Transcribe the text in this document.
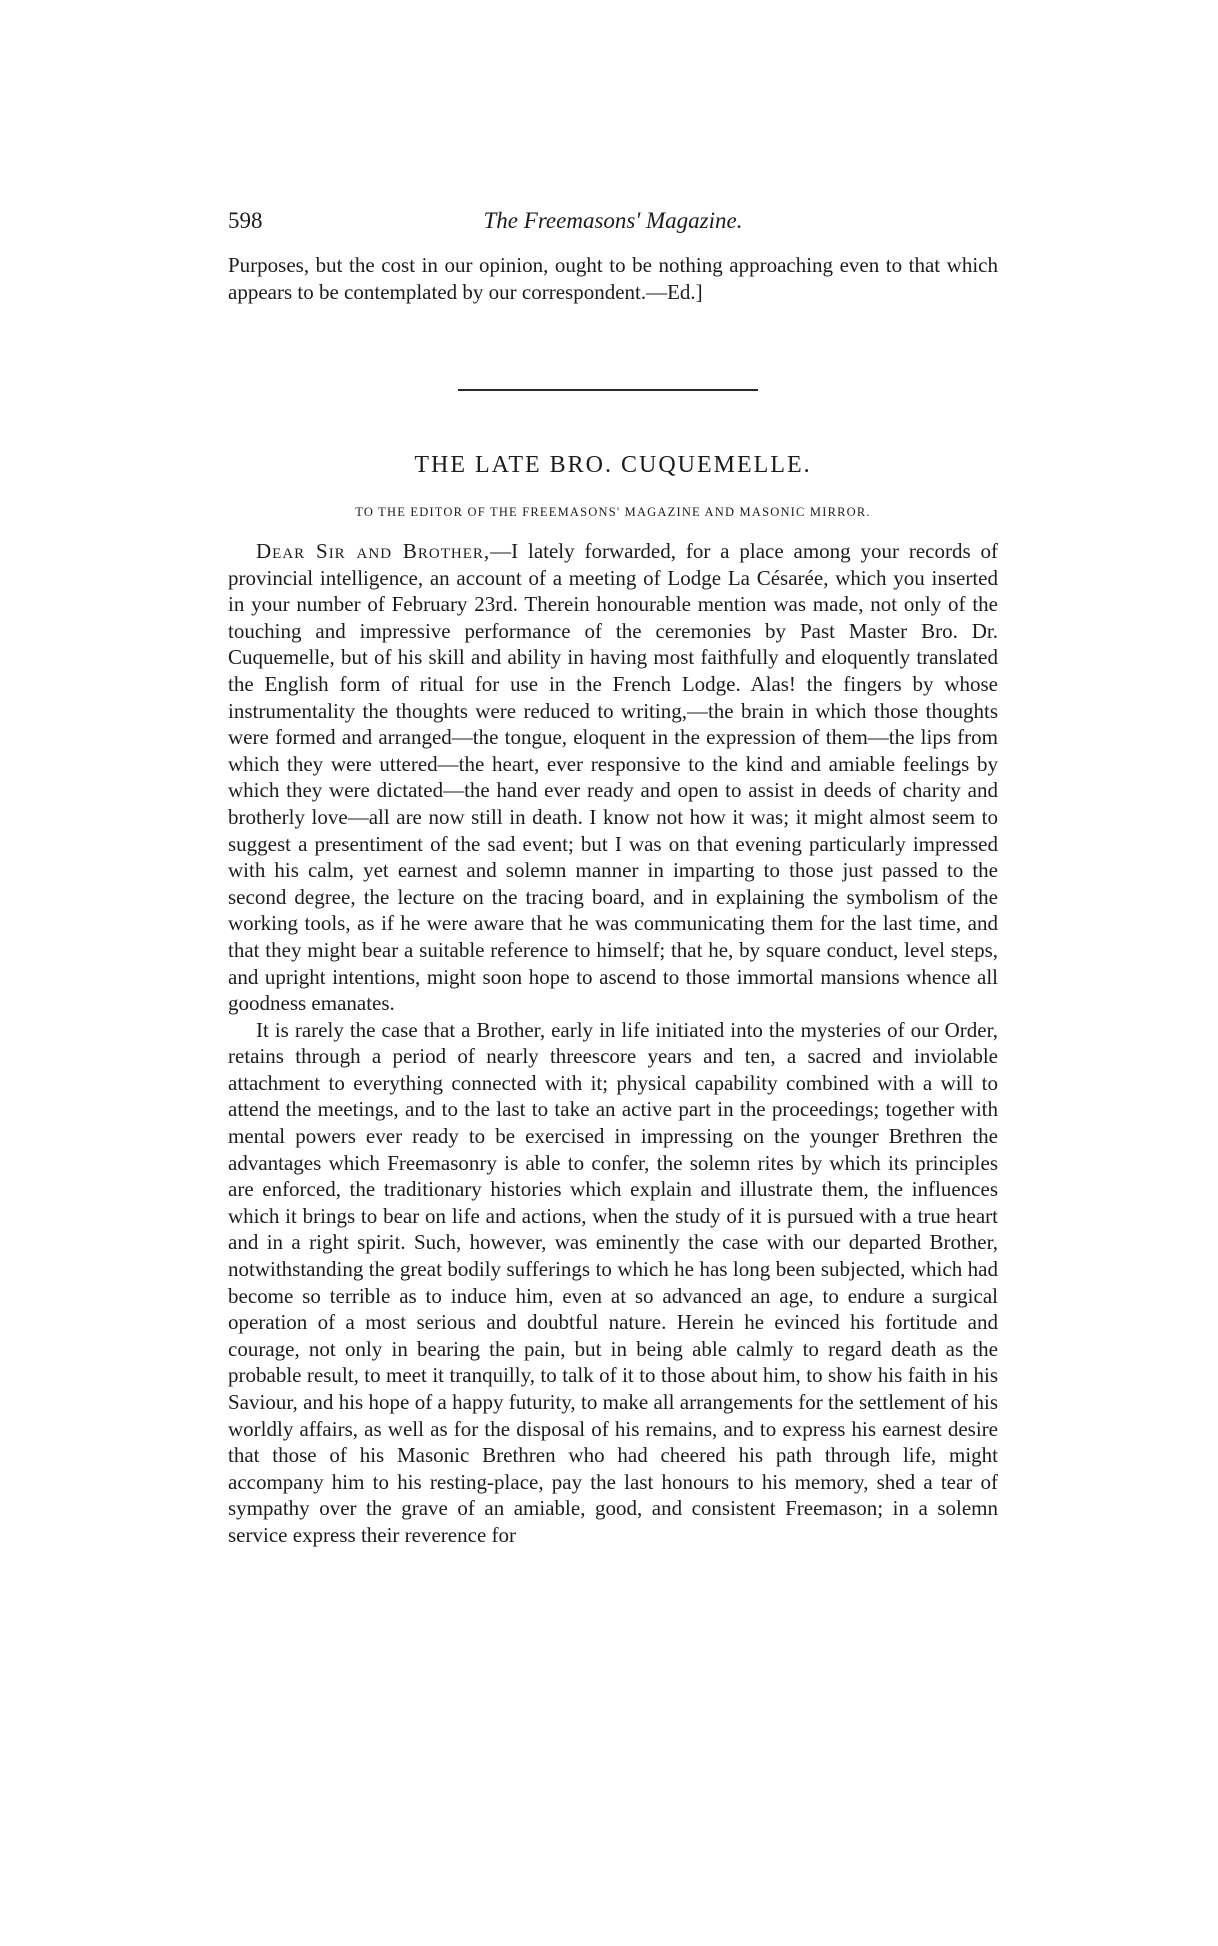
598	The Freemasons' Magazine.

Purposes, but the cost in our opinion, ought to be nothing approaching even to that which appears to be contemplated by our correspondent.—Ed.]

THE LATE BRO. CUQUEMELLE.
TO THE EDITOR OF THE FREEMASONS' MAGAZINE AND MASONIC MIRROR.

Dear Sir and Brother,—I lately forwarded, for a place among your records of provincial intelligence, an account of a meeting of Lodge La Césarée, which you inserted in your number of February 23rd. Therein honourable mention was made, not only of the touching and impressive performance of the ceremonies by Past Master Bro. Dr. Cuquemelle, but of his skill and ability in having most faithfully and eloquently translated the English form of ritual for use in the French Lodge. Alas! the fingers by whose instrumentality the thoughts were reduced to writing,—the brain in which those thoughts were formed and arranged—the tongue, eloquent in the expression of them—the lips from which they were uttered—the heart, ever responsive to the kind and amiable feelings by which they were dictated—the hand ever ready and open to assist in deeds of charity and brotherly love—all are now still in death. I know not how it was; it might almost seem to suggest a presentiment of the sad event; but I was on that evening particularly impressed with his calm, yet earnest and solemn manner in imparting to those just passed to the second degree, the lecture on the tracing board, and in explaining the symbolism of the working tools, as if he were aware that he was communicating them for the last time, and that they might bear a suitable reference to himself; that he, by square conduct, level steps, and upright intentions, might soon hope to ascend to those immortal mansions whence all goodness emanates.

It is rarely the case that a Brother, early in life initiated into the mysteries of our Order, retains through a period of nearly threescore years and ten, a sacred and inviolable attachment to everything connected with it; physical capability combined with a will to attend the meetings, and to the last to take an active part in the proceedings; together with mental powers ever ready to be exercised in impressing on the younger Brethren the advantages which Freemasonry is able to confer, the solemn rites by which its principles are enforced, the traditionary histories which explain and illustrate them, the influences which it brings to bear on life and actions, when the study of it is pursued with a true heart and in a right spirit. Such, however, was eminently the case with our departed Brother, notwithstanding the great bodily sufferings to which he has long been subjected, which had become so terrible as to induce him, even at so advanced an age, to endure a surgical operation of a most serious and doubtful nature. Herein he evinced his fortitude and courage, not only in bearing the pain, but in being able calmly to regard death as the probable result, to meet it tranquilly, to talk of it to those about him, to show his faith in his Saviour, and his hope of a happy futurity, to make all arrangements for the settlement of his worldly affairs, as well as for the disposal of his remains, and to express his earnest desire that those of his Masonic Brethren who had cheered his path through life, might accompany him to his resting-place, pay the last honours to his memory, shed a tear of sympathy over the grave of an amiable, good, and consistent Freemason; in a solemn service express their reverence for
